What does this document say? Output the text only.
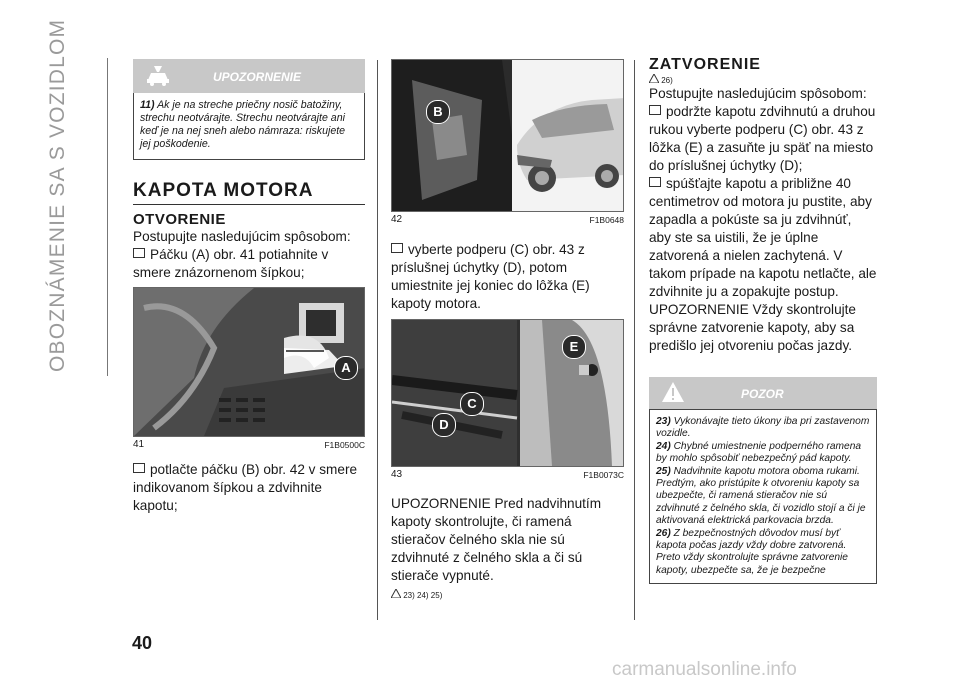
OBOZNÁMENIE SA S VOZIDLOM
40
carmanualsonline.info
UPOZORNENIE
11) Ak je na streche priečny nosič batožiny, strechu neotvárajte. Strechu neotvárajte ani keď je na nej sneh alebo námraza: riskujete jej poškodenie.
KAPOTA MOTORA
OTVORENIE
Postupujte nasledujúcim spôsobom:
Páčku (A) obr. 41 potiahnite v smere znázornenom šípkou;
A
41	F1B0500C
potlačte páčku (B) obr. 42 v smere indikovanom šípkou a zdvihnite kapotu;
B
42	F1B0648
vyberte podperu (C) obr. 43 z príslušnej úchytky (D), potom umiestnite jej koniec do lôžka (E) kapoty motora.
E
C
D
43	F1B0073C
UPOZORNENIE Pred nadvihnutím kapoty skontrolujte, či ramená stieračov čelného skla nie sú zdvihnuté z čelného skla a či sú stierače vypnuté.
23) 24) 25)
ZATVORENIE
26)
Postupujte nasledujúcim spôsobom:
podržte kapotu zdvihnutú a druhou rukou vyberte podperu (C) obr. 43 z lôžka (E) a zasuňte ju späť na miesto do príslušnej úchytky (D);
spúšťajte kapotu a približne 40 centimetrov od motora ju pustite, aby zapadla a pokúste sa ju zdvihnúť, aby ste sa uistili, že je úplne zatvorená a nielen zachytená. V takom prípade na kapotu netlačte, ale zdvihnite ju a zopakujte postup.
UPOZORNENIE Vždy skontrolujte správne zatvorenie kapoty, aby sa predišlo jej otvoreniu počas jazdy.
POZOR
23) Vykonávajte tieto úkony iba pri zastavenom vozidle.
24) Chybné umiestnenie podperného ramena by mohlo spôsobiť nebezpečný pád kapoty.
25) Nadvihnite kapotu motora oboma rukami. Predtým, ako pristúpite k otvoreniu kapoty sa ubezpečte, či ramená stieračov nie sú zdvihnuté z čelného skla, či vozidlo stojí a či je aktivovaná elektrická parkovacia brzda.
26) Z bezpečnostných dôvodov musí byť kapota počas jazdy vždy dobre zatvorená. Preto vždy skontrolujte správne zatvorenie kapoty, ubezpečte sa, že je bezpečne
